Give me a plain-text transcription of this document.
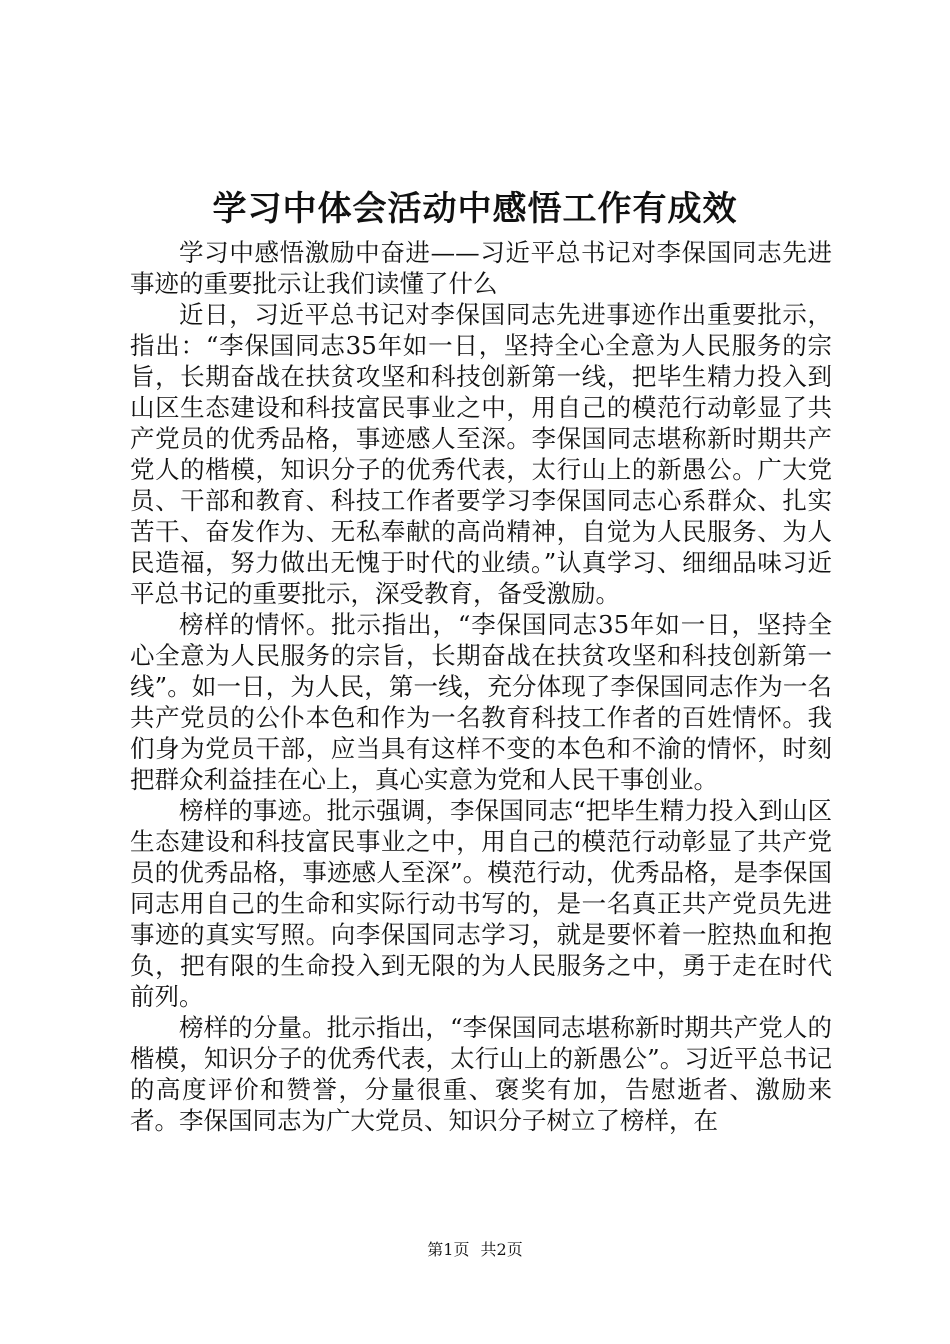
学习中体会活动中感悟工作有成效

学习中感悟激励中奋进——习近平总书记对李保国同志先进事迹的重要批示让我们读懂了什么

近日，习近平总书记对李保国同志先进事迹作出重要批示，指出：“李保国同志35年如一日，坚持全心全意为人民服务的宗旨，长期奋战在扶贫攻坚和科技创新第一线，把毕生精力投入到山区生态建设和科技富民事业之中，用自己的模范行动彰显了共产党员的优秀品格，事迹感人至深。李保国同志堪称新时期共产党人的楷模，知识分子的优秀代表，太行山上的新愚公。广大党员、干部和教育、科技工作者要学习李保国同志心系群众、扎实苦干、奋发作为、无私奉献的高尚精神，自觉为人民服务、为人民造福，努力做出无愧于时代的业绩。”认真学习、细细品味习近平总书记的重要批示，深受教育，备受激励。

榜样的情怀。批示指出，“李保国同志35年如一日，坚持全心全意为人民服务的宗旨，长期奋战在扶贫攻坚和科技创新第一线”。如一日，为人民，第一线，充分体现了李保国同志作为一名共产党员的公仆本色和作为一名教育科技工作者的百姓情怀。我们身为党员干部，应当具有这样不变的本色和不渝的情怀，时刻把群众利益挂在心上，真心实意为党和人民干事创业。

榜样的事迹。批示强调，李保国同志“把毕生精力投入到山区生态建设和科技富民事业之中，用自己的模范行动彰显了共产党员的优秀品格，事迹感人至深”。模范行动，优秀品格，是李保国同志用自己的生命和实际行动书写的，是一名真正共产党员先进事迹的真实写照。向李保国同志学习，就是要怀着一腔热血和抱负，把有限的生命投入到无限的为人民服务之中，勇于走在时代前列。

榜样的分量。批示指出，“李保国同志堪称新时期共产党人的楷模，知识分子的优秀代表，太行山上的新愚公”。习近平总书记的高度评价和赞誉，分量很重、褒奖有加，告慰逝者、激励来者。李保国同志为广大党员、知识分子树立了榜样，在

第1页 共2页
